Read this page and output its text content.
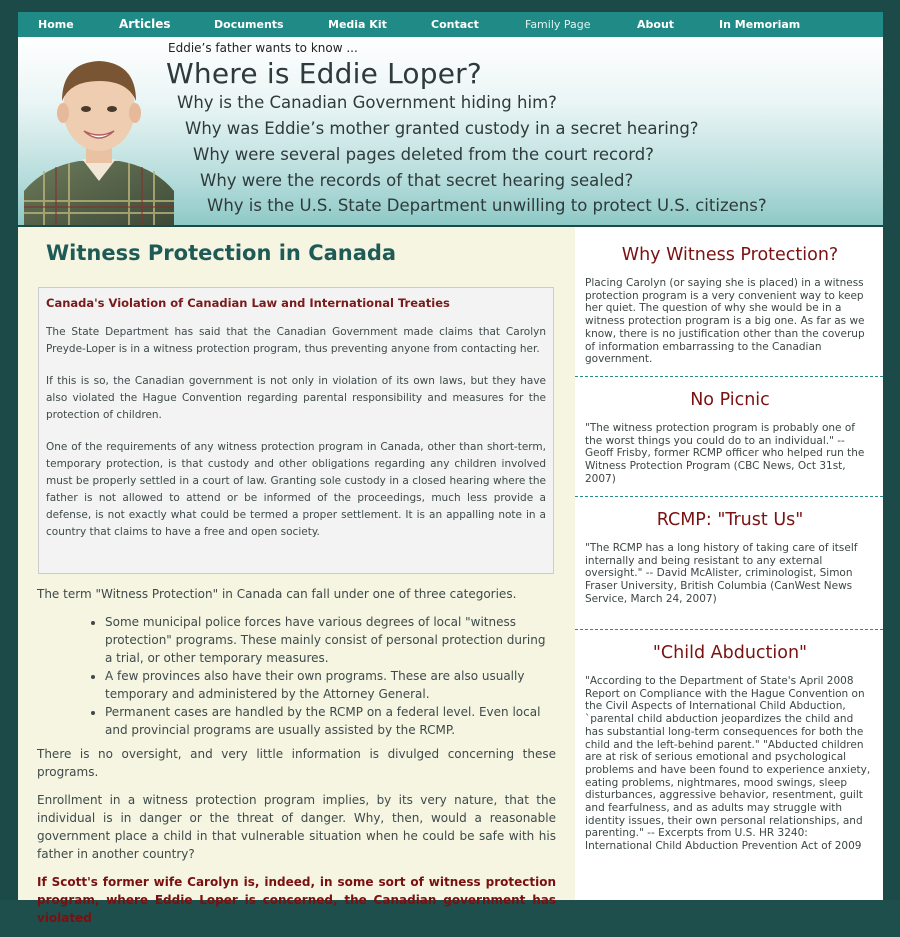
Home	Articles	Documents	Media Kit	Contact	Family Page	About	In Memoriam
Eddie’s father wants to know ...
Where is Eddie Loper?
Why is the Canadian Government hiding him?
Why was Eddie’s mother granted custody in a secret hearing?
Why were several pages deleted from the court record?
Why were the records of that secret hearing sealed?
Why is the U.S. State Department unwilling to protect U.S. citizens?
Witness Protection in Canada
Canada's Violation of Canadian Law and International Treaties

The State Department has said that the Canadian Government made claims that Carolyn Preyde-Loper is in a witness protection program, thus preventing anyone from contacting her.

If this is so, the Canadian government is not only in violation of its own laws, but they have also violated the Hague Convention regarding parental responsibility and measures for the protection of children.

One of the requirements of any witness protection program in Canada, other than short-term, temporary protection, is that custody and other obligations regarding any children involved must be properly settled in a court of law. Granting sole custody in a closed hearing where the father is not allowed to attend or be informed of the proceedings, much less provide a defense, is not exactly what could be termed a proper settlement. It is an appalling note in a country that claims to have a free and open society.

The term "Witness Protection" in Canada can fall under one of three categories.

• Some municipal police forces have various degrees of local "witness protection" programs. These mainly consist of personal protection during a trial, or other temporary measures.
• A few provinces also have their own programs. These are also usually temporary and administered by the Attorney General.
• Permanent cases are handled by the RCMP on a federal level. Even local and provincial programs are usually assisted by the RCMP.

There is no oversight, and very little information is divulged concerning these programs.

Enrollment in a witness protection program implies, by its very nature, that the individual is in danger or the threat of danger. Why, then, would a reasonable government place a child in that vulnerable situation when he could be safe with his father in another country?

If Scott's former wife Carolyn is, indeed, in some sort of witness protection program, where Eddie Loper is concerned, the Canadian government has violated

Why Witness Protection?

Placing Carolyn (or saying she is placed) in a witness protection program is a very convenient way to keep her quiet. The question of why she would be in a witness protection program is a big one. As far as we know, there is no justification other than the coverup of information embarrassing to the Canadian government.

No Picnic

"The witness protection program is probably one of the worst things you could do to an individual." -- Geoff Frisby, former RCMP officer who helped run the Witness Protection Program (CBC News, Oct 31st, 2007)

RCMP: "Trust Us"

"The RCMP has a long history of taking care of itself internally and being resistant to any external oversight." -- David McAlister, criminologist, Simon Fraser University, British Columbia (CanWest News Service, March 24, 2007)

"Child Abduction"

"According to the Department of State's April 2008 Report on Compliance with the Hague Convention on the Civil Aspects of International Child Abduction, `parental child abduction jeopardizes the child and has substantial long-term consequences for both the child and the left-behind parent." "Abducted children are at risk of serious emotional and psychological problems and have been found to experience anxiety, eating problems, nightmares, mood swings, sleep disturbances, aggressive behavior, resentment, guilt and fearfulness, and as adults may struggle with identity issues, their own personal relationships, and parenting." -- Excerpts from U.S. HR 3240: International Child Abduction Prevention Act of 2009
